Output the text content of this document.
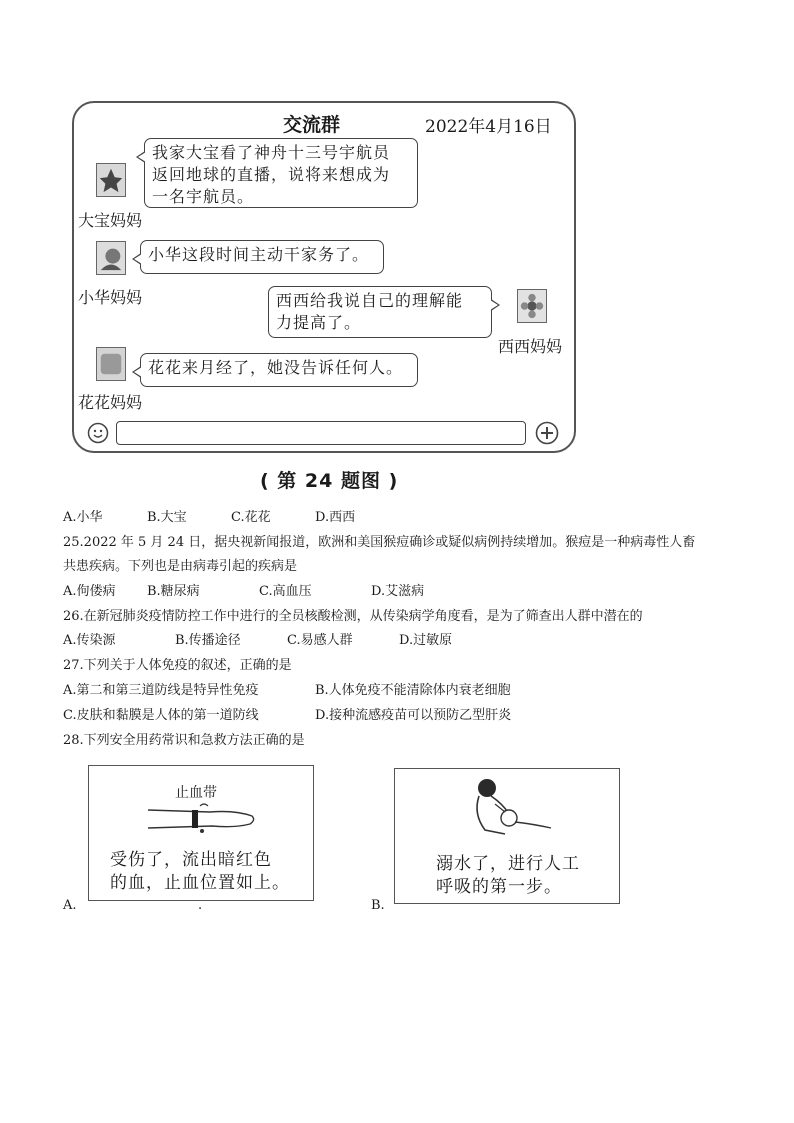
交流群	2022年4月16日
大宝妈妈
我家大宝看了神舟十三号宇航员
返回地球的直播，说将来想成为
一名宇航员。
小华妈妈
小华这段时间主动干家务了。
西西妈妈
西西给我说自己的理解能
力提高了。
花花妈妈
花花来月经了，她没告诉任何人。
( 第 24 题图 )
A.小华	B.大宝	C.花花	D.西西
25.2022 年 5 月 24 日，据央视新闻报道，欧洲和美国猴痘确诊或疑似病例持续增加。猴痘是一种病毒性人畜
共患疾病。下列也是由病毒引起的疾病是
A.佝偻病 B.糖尿病	C.高血压	D.艾滋病
26.在新冠肺炎疫情防控工作中进行的全员核酸检测，从传染病学角度看，是为了筛查出人群中潜在的
A.传染源	B.传播途径	C.易感人群	D.过敏原
27.下列关于人体免疫的叙述，正确的是
A.第二和第三道防线是特异性免疫	B.人体免疫不能清除体内衰老细胞
C.皮肤和黏膜是人体的第一道防线	D.接种流感疫苗可以预防乙型肝炎
28.下列安全用药常识和急救方法正确的是
止血带
受伤了，流出暗红色
的血，止血位置如上。
A.	.
溺水了，进行人工
呼吸的第一步。
B.
